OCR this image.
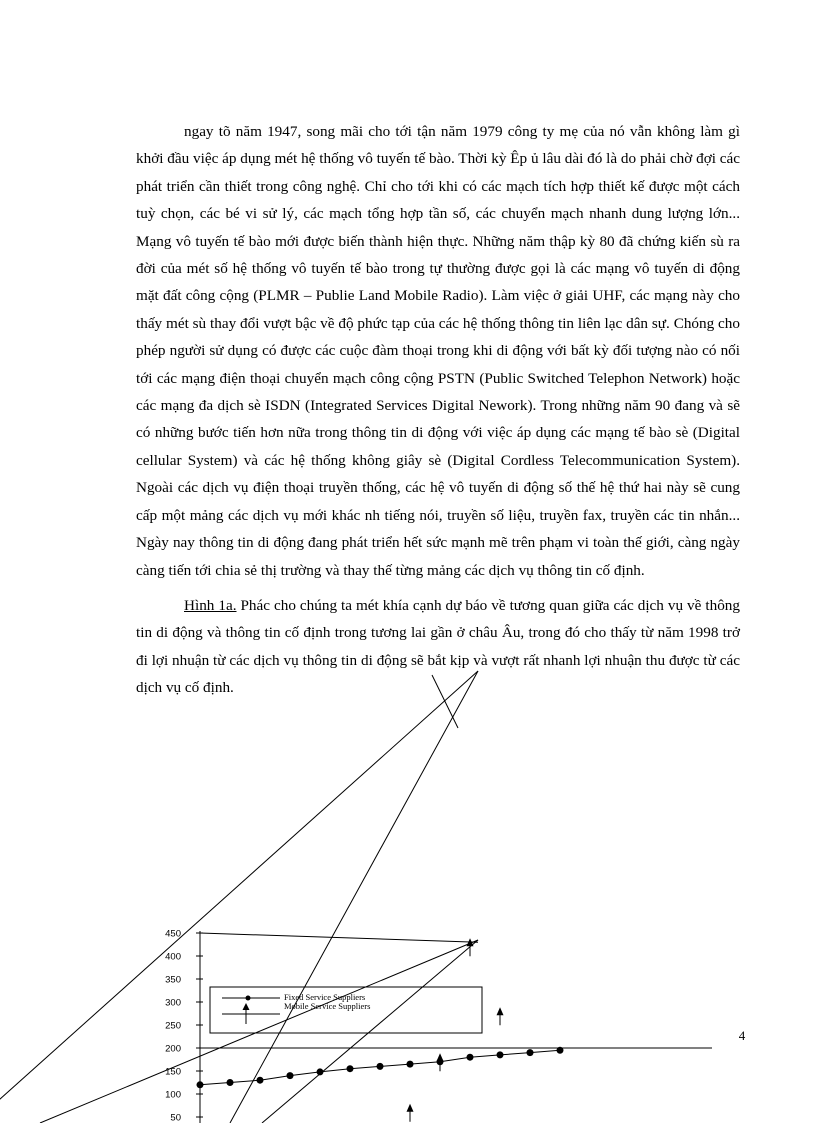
ngay tõ năm 1947, song mãi cho tới tận năm 1979 công ty mẹ của nó vẫn không làm gì khởi đầu việc áp dụng mét hệ thống vô tuyến tế bào. Thời kỳ Êp ủ lâu dài đó là do phải chờ đợi các phát triển cần thiết trong công nghệ. Chỉ cho tới khi có các mạch tích hợp thiết kế được một cách tuỳ chọn, các bé vi sử lý, các mạch tổng hợp tần số, các chuyển mạch nhanh dung lượng lớn... Mạng vô tuyến tế bào mới được biến thành hiện thực. Những năm thập kỳ 80 đã chứng kiến sù ra đời của mét số hệ thống vô tuyến tế bào trong tự thường được gọi là các mạng vô tuyến di động mặt đất công cộng (PLMR – Publie Land Mobile Radio). Làm việc ở giải UHF, các mạng này cho thấy mét sù thay đổi vượt bậc về độ phức tạp của các hệ thống thông tin liên lạc dân sự. Chóng cho phép người sử dụng có được các cuộc đàm thoại trong khi di động với bất kỳ đối tượng nào có nối tới các mạng điện thoại chuyển mạch công cộng PSTN (Public Switched Telephon Network) hoặc các mạng đa dịch sè ISDN (Integrated Services Digital Nework). Trong những năm 90 đang và sẽ có những bước tiến hơn nữa trong thông tin di động với việc áp dụng các mạng tế bào sè (Digital cellular System) và các hệ thống không giây sè (Digital Cordless Telecommunication System). Ngoài các dịch vụ điện thoại truyền thống, các hệ vô tuyến di động số thế hệ thứ hai này sẽ cung cấp một mảng các dịch vụ mới khác nh tiếng nói, truyền số liệu, truyền fax, truyền các tin nhắn... Ngày nay thông tin di động đang phát triển hết sức mạnh mẽ trên phạm vi toàn thế giới, càng ngày càng tiến tới chia sẻ thị trường và thay thế từng mảng các dịch vụ thông tin cố định.

Hình 1a. Phác cho chúng ta mét khía cạnh dự báo về tương quan giữa các dịch vụ về thông tin di động và thông tin cố định trong tương lai gần ở châu Âu, trong đó cho thấy từ năm 1998 trở đi lợi nhuận từ các dịch vụ thông tin di động sẽ bắt kịp và vượt rất nhanh lợi nhuận thu được từ các dịch vụ cố định.

450
400
350
300
250
200
150
100
50
Fixed Service Suppliers
Mobile Service Suppliers
4
